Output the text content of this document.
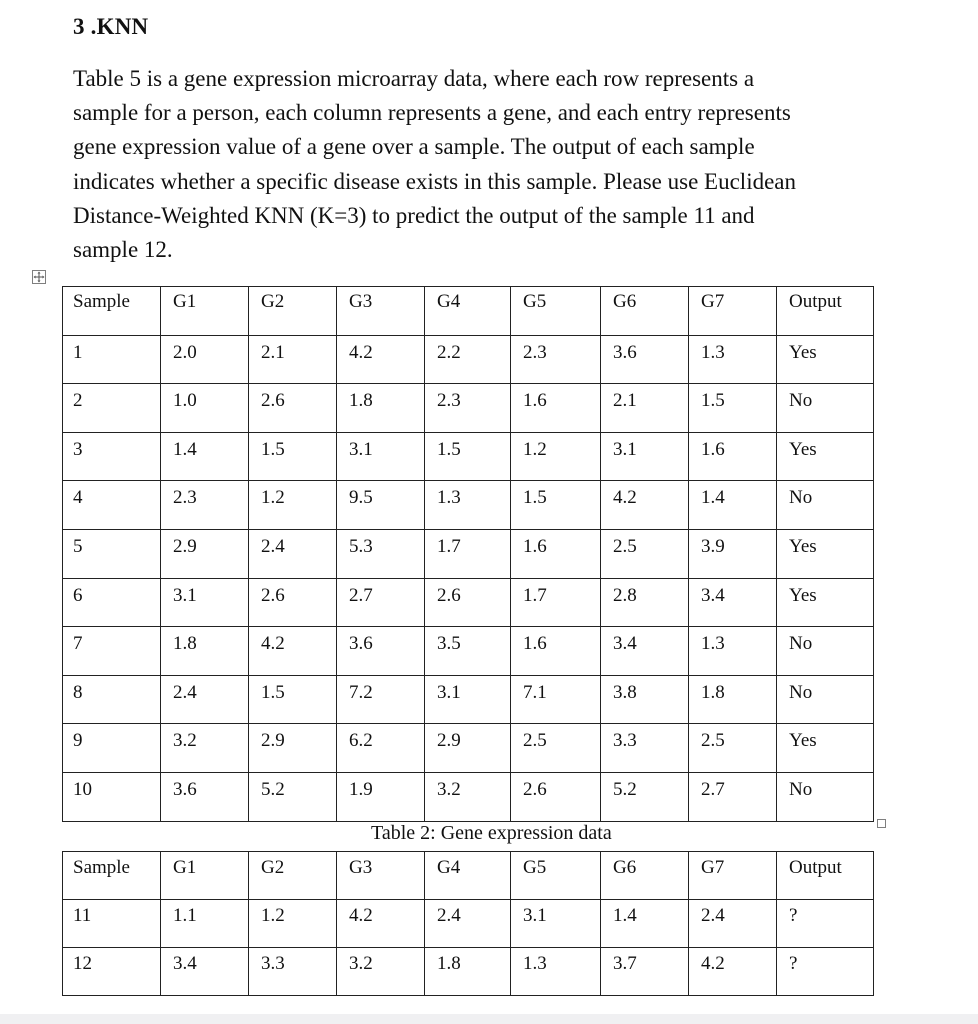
3 .KNN
Table 5 is a gene expression microarray data, where each row represents a
sample for a person, each column represents a gene, and each entry represents
gene expression value of a gene over a sample. The output of each sample
indicates whether a specific disease exists in this sample. Please use Euclidean
Distance-Weighted KNN (K=3) to predict the output of the sample 11 and
sample 12.
Sample	G1	G2	G3	G4	G5	G6	G7	Output
1	2.0	2.1	4.2	2.2	2.3	3.6	1.3	Yes
2	1.0	2.6	1.8	2.3	1.6	2.1	1.5	No
3	1.4	1.5	3.1	1.5	1.2	3.1	1.6	Yes
4	2.3	1.2	9.5	1.3	1.5	4.2	1.4	No
5	2.9	2.4	5.3	1.7	1.6	2.5	3.9	Yes
6	3.1	2.6	2.7	2.6	1.7	2.8	3.4	Yes
7	1.8	4.2	3.6	3.5	1.6	3.4	1.3	No
8	2.4	1.5	7.2	3.1	7.1	3.8	1.8	No
9	3.2	2.9	6.2	2.9	2.5	3.3	2.5	Yes
10	3.6	5.2	1.9	3.2	2.6	5.2	2.7	No
Table 2: Gene expression data
Sample	G1	G2	G3	G4	G5	G6	G7	Output
11	1.1	1.2	4.2	2.4	3.1	1.4	2.4	?
12	3.4	3.3	3.2	1.8	1.3	3.7	4.2	?
